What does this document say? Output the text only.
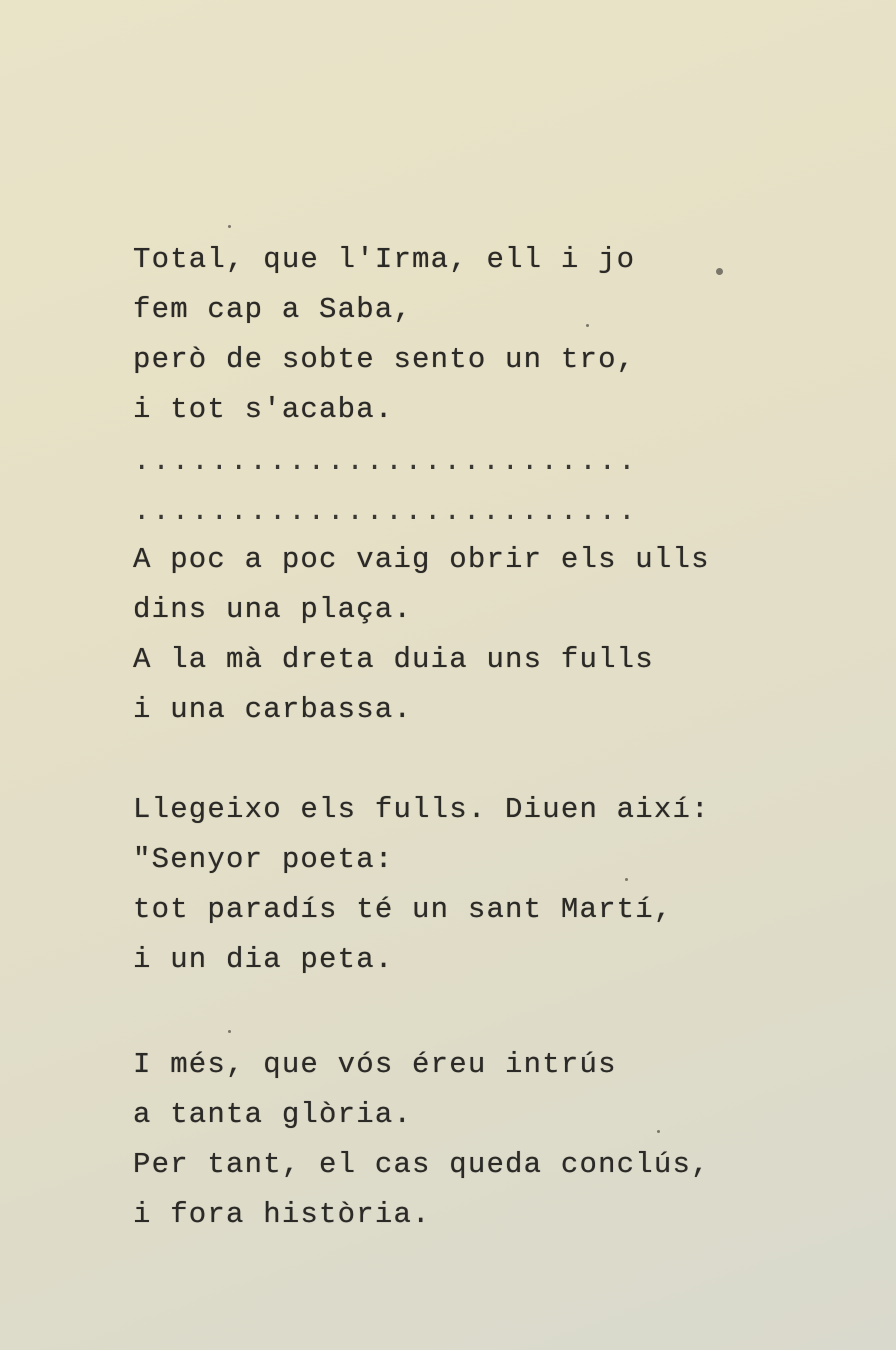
Total, que l'Irma, ell i jo
fem cap a Saba,
però de sobte sento un tro,
i tot s'acaba.
..........................
..........................
A poc a poc vaig obrir els ulls
dins una plaça.
A la mà dreta duia uns fulls
i una carbassa.
Llegeixo els fulls. Diuen així:
"Senyor poeta:
tot paradís té un sant Martí,
i un dia peta.
I més, que vós éreu intrús
a tanta glòria.
Per tant, el cas queda conclús,
i fora història.
